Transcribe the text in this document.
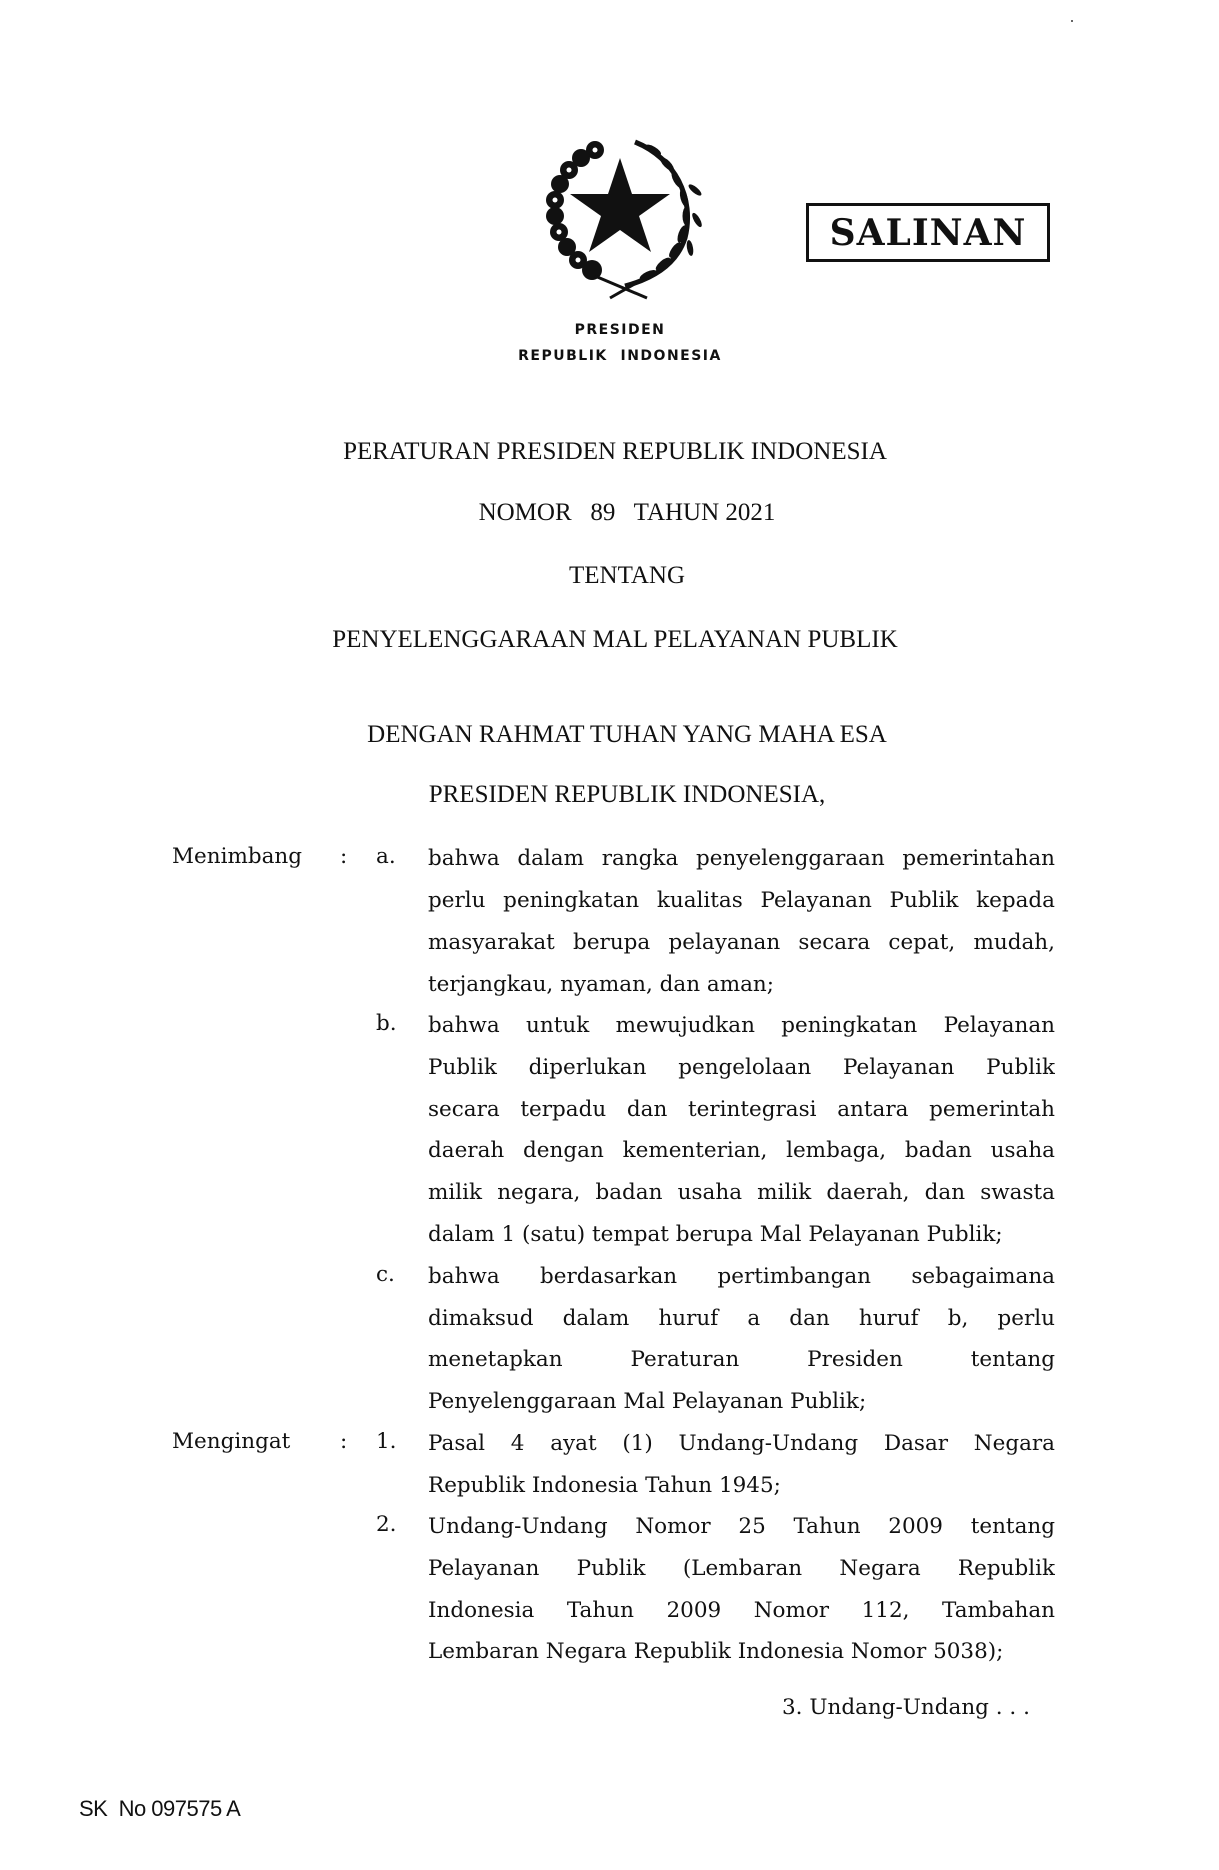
SALINAN
PRESIDEN
REPUBLIK  INDONESIA
PERATURAN PRESIDEN REPUBLIK INDONESIA
NOMOR   89   TAHUN 2021
TENTANG
PENYELENGGARAAN MAL PELAYANAN PUBLIK
DENGAN RAHMAT TUHAN YANG MAHA ESA
PRESIDEN REPUBLIK INDONESIA,
Menimbang : a. bahwa dalam rangka penyelenggaraan pemerintahan
perlu peningkatan kualitas Pelayanan Publik kepada
masyarakat berupa pelayanan secara cepat, mudah,
terjangkau, nyaman, dan aman;
b. bahwa untuk mewujudkan peningkatan Pelayanan
Publik diperlukan pengelolaan Pelayanan Publik
secara terpadu dan terintegrasi antara pemerintah
daerah dengan kementerian, lembaga, badan usaha
milik negara, badan usaha milik daerah, dan swasta
dalam 1 (satu) tempat berupa Mal Pelayanan Publik;
c. bahwa berdasarkan pertimbangan sebagaimana
dimaksud dalam huruf a dan huruf b, perlu
menetapkan Peraturan Presiden tentang
Penyelenggaraan Mal Pelayanan Publik;
Mengingat : 1. Pasal 4 ayat (1) Undang-Undang Dasar Negara
Republik Indonesia Tahun 1945;
2. Undang-Undang Nomor 25 Tahun 2009 tentang
Pelayanan Publik (Lembaran Negara Republik
Indonesia Tahun 2009 Nomor 112, Tambahan
Lembaran Negara Republik Indonesia Nomor 5038);
3. Undang-Undang . . .
SK  No 097575 A
